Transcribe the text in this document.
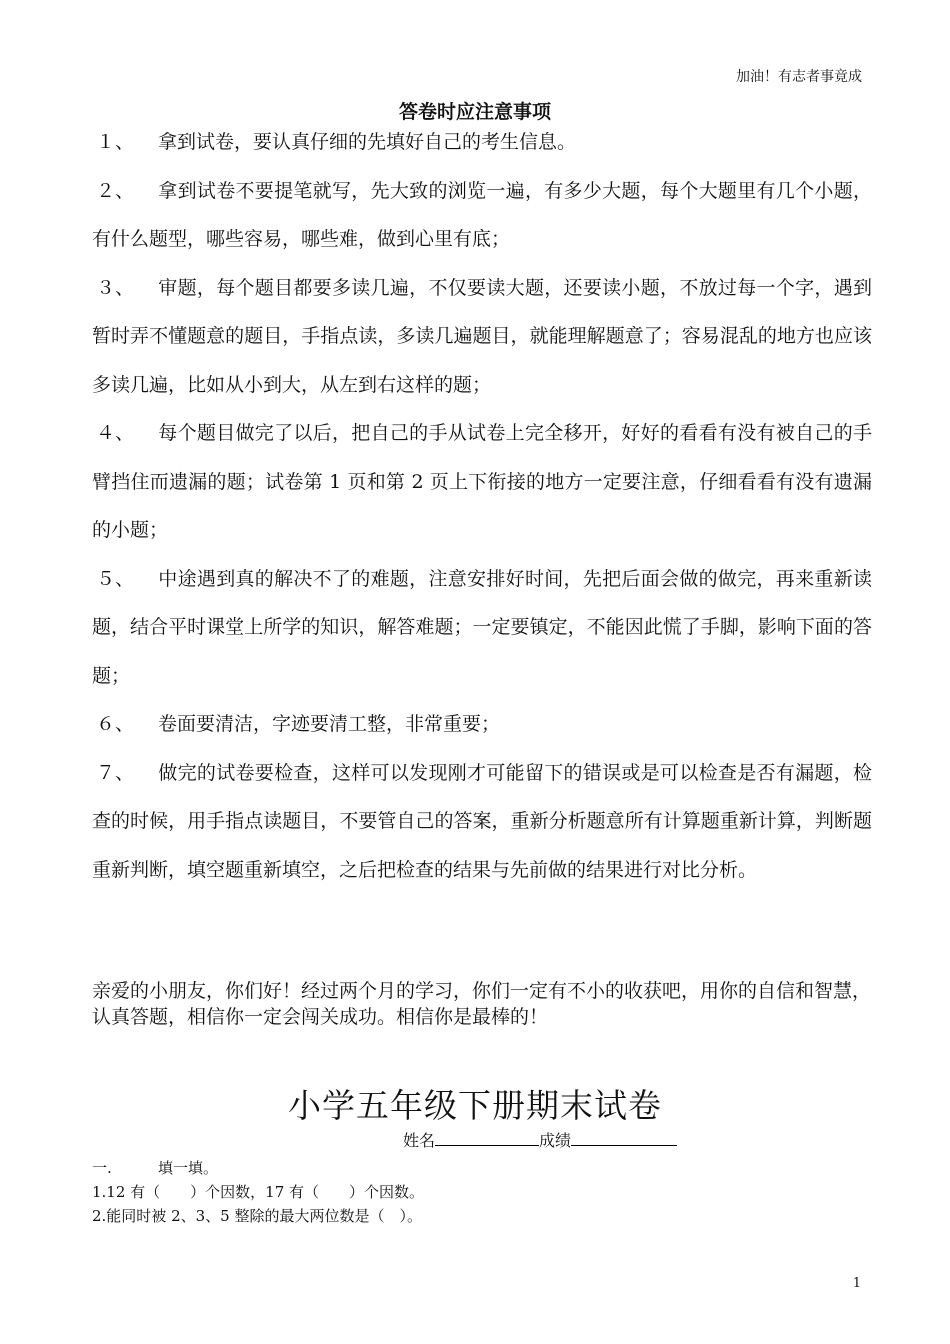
加油！有志者事竟成
答卷时应注意事项

１、 拿到试卷，要认真仔细的先填好自己的考生信息。

２、 拿到试卷不要提笔就写，先大致的浏览一遍，有多少大题，每个大题里有几个小题，有什么题型，哪些容易，哪些难，做到心里有底；

３、 审题，每个题目都要多读几遍，不仅要读大题，还要读小题，不放过每一个字，遇到暂时弄不懂题意的题目，手指点读，多读几遍题目，就能理解题意了；容易混乱的地方也应该多读几遍，比如从小到大，从左到右这样的题；

４、 每个题目做完了以后，把自己的手从试卷上完全移开，好好的看看有没有被自己的手臂挡住而遗漏的题；试卷第 1 页和第 2 页上下衔接的地方一定要注意，仔细看看有没有遗漏的小题；

５、 中途遇到真的解决不了的难题，注意安排好时间，先把后面会做的做完，再来重新读题，结合平时课堂上所学的知识，解答难题；一定要镇定，不能因此慌了手脚，影响下面的答题；

６、 卷面要清洁，字迹要清工整，非常重要；

７、 做完的试卷要检查，这样可以发现刚才可能留下的错误或是可以检查是否有漏题，检查的时候，用手指点读题目，不要管自己的答案，重新分析题意所有计算题重新计算，判断题重新判断，填空题重新填空，之后把检查的结果与先前做的结果进行对比分析。

亲爱的小朋友，你们好！经过两个月的学习，你们一定有不小的收获吧，用你的自信和智慧，认真答题，相信你一定会闯关成功。相信你是最棒的！
小学五年级下册期末试卷
姓名	成绩

一.	填一填。

1.12 有（　　）个因数，17 有（　　）个因数。

2.能同时被 2、3、5 整除的最大两位数是（　）。

1
